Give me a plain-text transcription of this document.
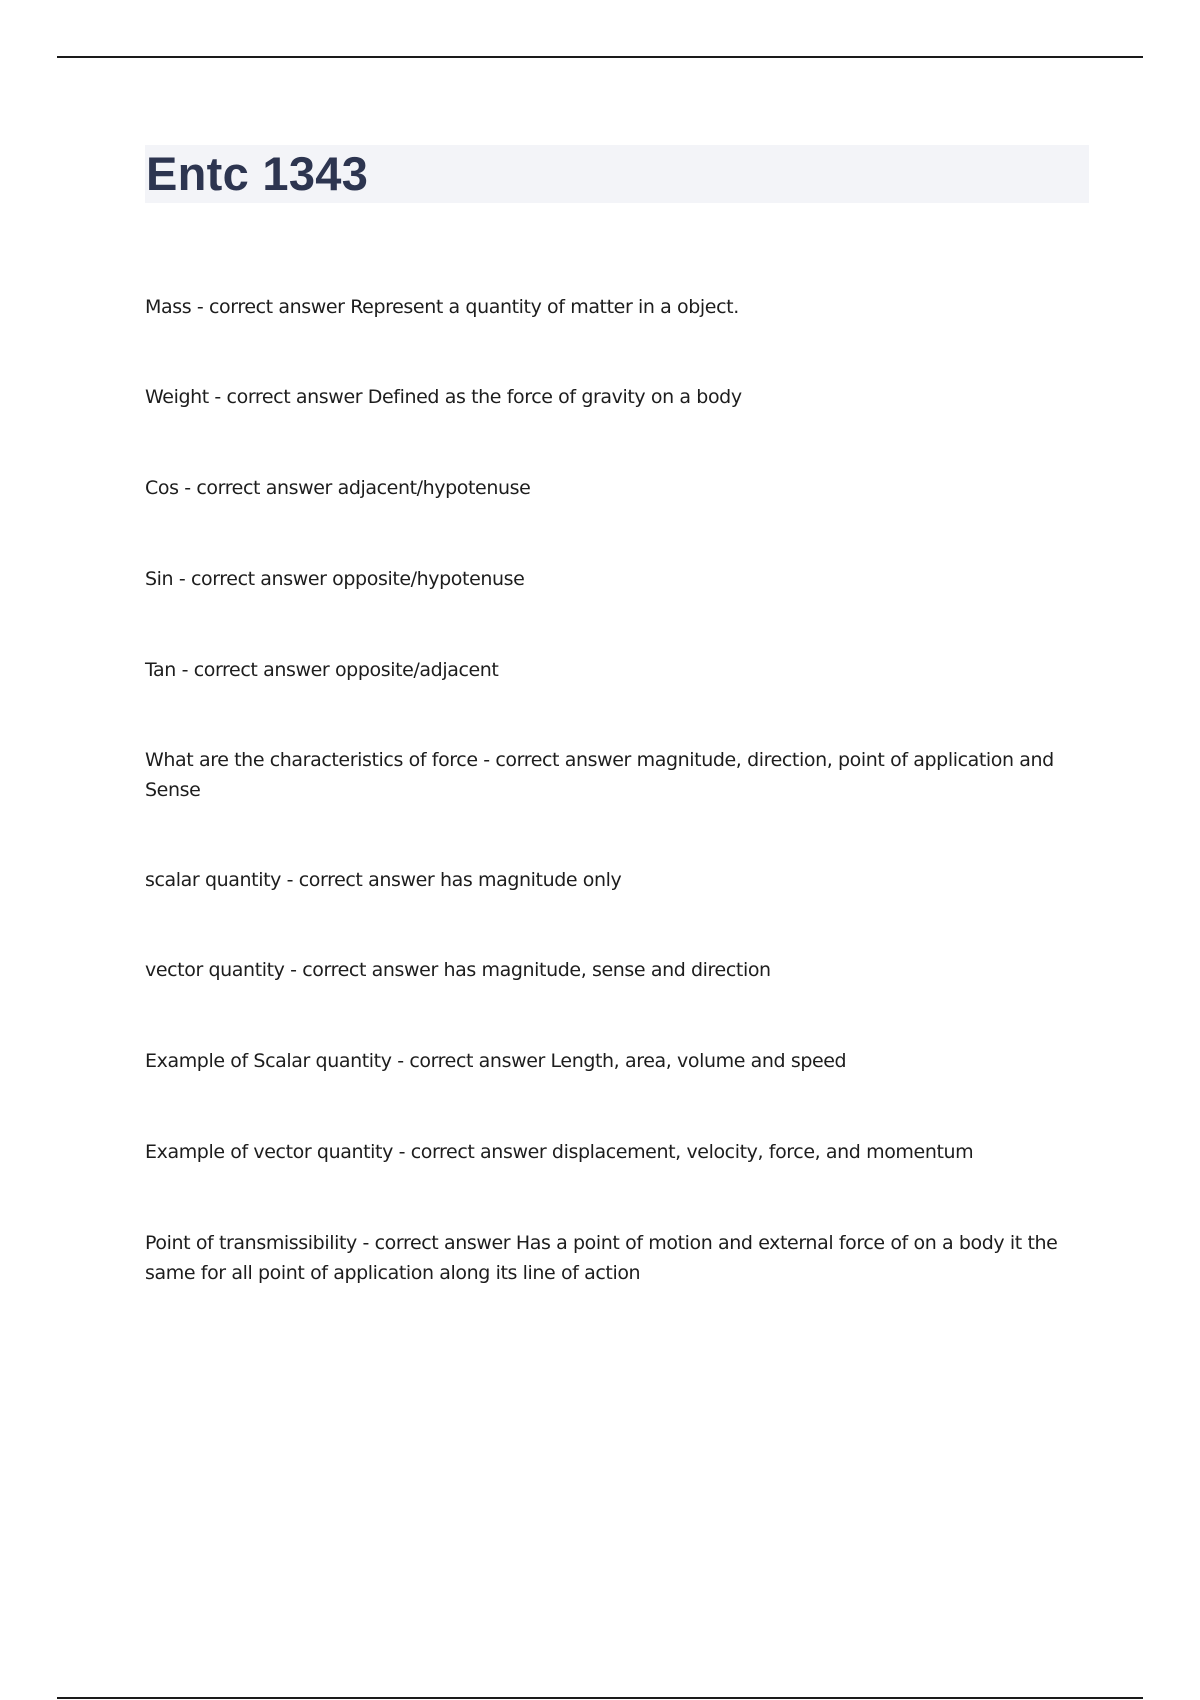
Entc 1343
Mass - correct answer Represent a quantity of matter in a object.
Weight - correct answer Defined as the force of gravity on a body
Cos - correct answer adjacent/hypotenuse
Sin - correct answer opposite/hypotenuse
Tan - correct answer opposite/adjacent
What are the characteristics of force - correct answer magnitude, direction, point of application and Sense
scalar quantity - correct answer has magnitude only
vector quantity - correct answer has magnitude, sense and direction
Example of Scalar quantity - correct answer Length, area, volume and speed
Example of vector quantity - correct answer displacement, velocity, force, and momentum
Point of transmissibility - correct answer Has a point of motion and external force of on a body it the same for all point of application along its line of action
